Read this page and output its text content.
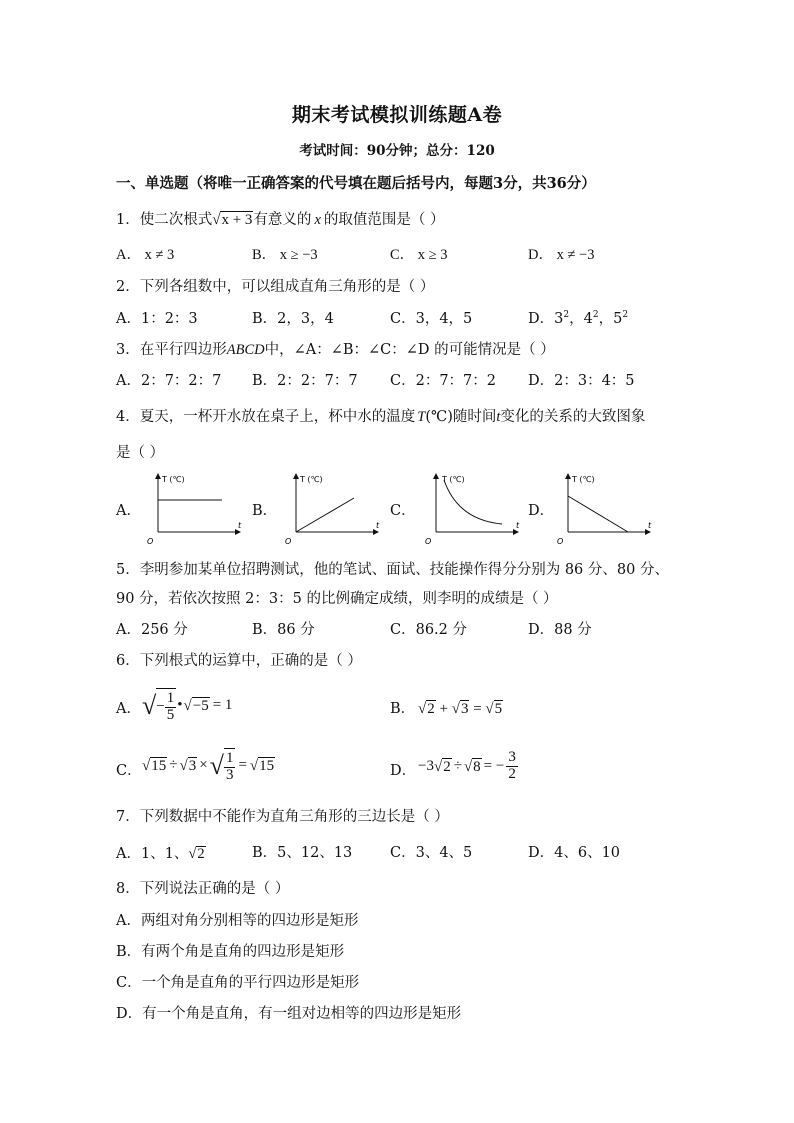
期末考试模拟训练题A卷
考试时间：90分钟；总分：120
一、单选题（将唯一正确答案的代号填在题后括号内，每题3分，共36分）
1．使二次根式√x + 3有意义的 x 的取值范围是（ ）
A． x ≠ 3	B． x ≥ −3	C． x ≥ 3	D． x ≠ −3
2．下列各组数中，可以组成直角三角形的是（ ）
A．1：2：3	B．2，3，4	C．3，4，5	D．$3^2$，$4^2$，$5^2$
3．在平行四边形ABCD中，∠A：∠B：∠C：∠D 的可能情况是（ ）
A．2：7：2：7 B．2：2：7：7 C．2：7：7：2 D．2：3：4：5
4．夏天，一杯开水放在桌子上，杯中水的温度 T(℃)随时间t变化的关系的大致图象
是（ ）
A．	B．	C．	D．
T (℃)
t
O
T (℃)
t
O
T (℃)
t
O
T (℃)
t
O
5．李明参加某单位招聘测试，他的笔试、面试、技能操作得分分别为 86 分、80 分、
90 分，若依次按照 2：3：5 的比例确定成绩，则李明的成绩是（ ）
A．256 分	B．86 分	C．86.2 分	D．88 分
6．下列根式的运算中，正确的是（ ）
A． √− $\frac{1}{5}$ •√−5 = 1	B． √2 + √3 = √5
C． √15 ÷ √3 ×√ $\frac{1}{3} = √15$	D． −3√2 ÷ √8 = − $\frac{3}{2}$
7．下列数据中不能作为直角三角形的三边长是（ ）
A．1、1、√2	B．5、12、13	C．3、4、5	D．4、6、10
8．下列说法正确的是（ ）
A．两组对角分别相等的四边形是矩形
B．有两个角是直角的四边形是矩形
C．一个角是直角的平行四边形是矩形
D．有一个角是直角，有一组对边相等的四边形是矩形
